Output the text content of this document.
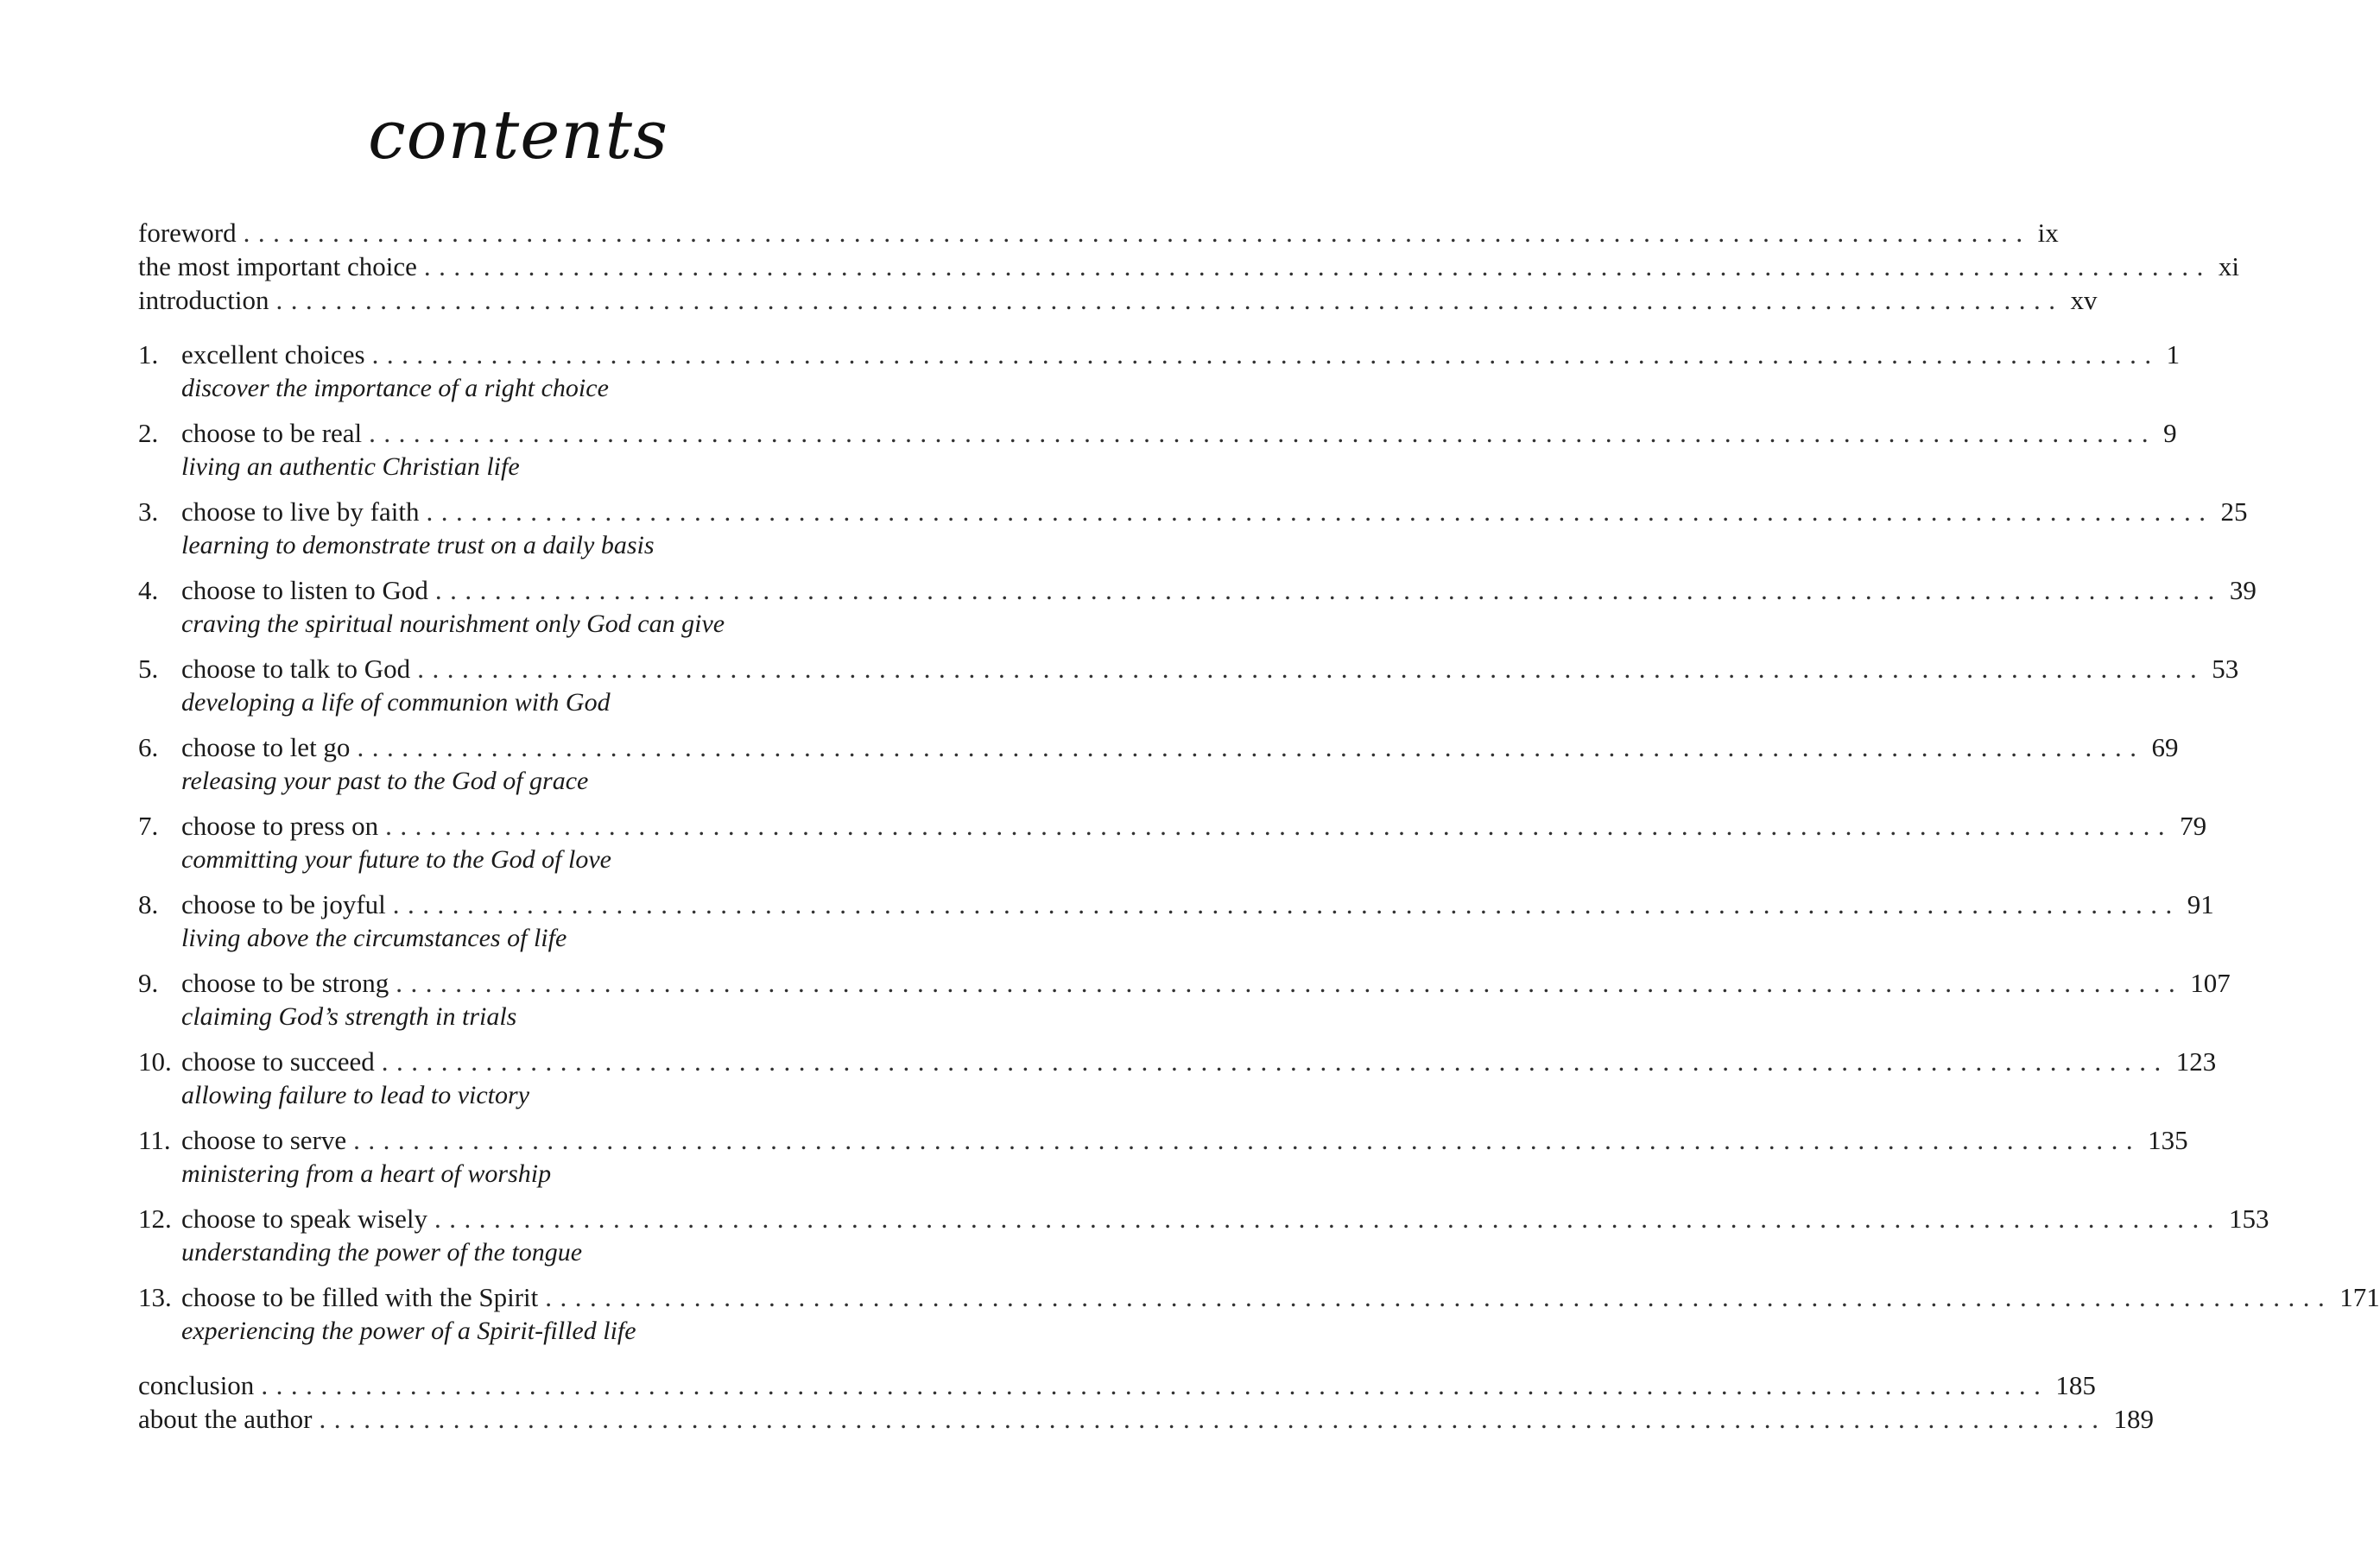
contents
foreword ........................................................................................................................ ix
the most important choice ........................................................................................................................ xi
introduction ........................................................................................................................ xv
1. excellent choices ........................................................................................................................ 1
discover the importance of a right choice
2. choose to be real ........................................................................................................................ 9
living an authentic Christian life
3. choose to live by faith ........................................................................................................................ 25
learning to demonstrate trust on a daily basis
4. choose to listen to God ........................................................................................................................ 39
craving the spiritual nourishment only God can give
5. choose to talk to God ........................................................................................................................ 53
developing a life of communion with God
6. choose to let go ........................................................................................................................ 69
releasing your past to the God of grace
7. choose to press on ........................................................................................................................ 79
committing your future to the God of love
8. choose to be joyful ........................................................................................................................ 91
living above the circumstances of life
9. choose to be strong ........................................................................................................................ 107
claiming God’s strength in trials
10. choose to succeed ........................................................................................................................ 123
allowing failure to lead to victory
11. choose to serve ........................................................................................................................ 135
ministering from a heart of worship
12. choose to speak wisely ........................................................................................................................ 153
understanding the power of the tongue
13. choose to be filled with the Spirit ........................................................................................................................ 171
experiencing the power of a Spirit-filled life
conclusion ........................................................................................................................ 185
about the author ........................................................................................................................ 189
